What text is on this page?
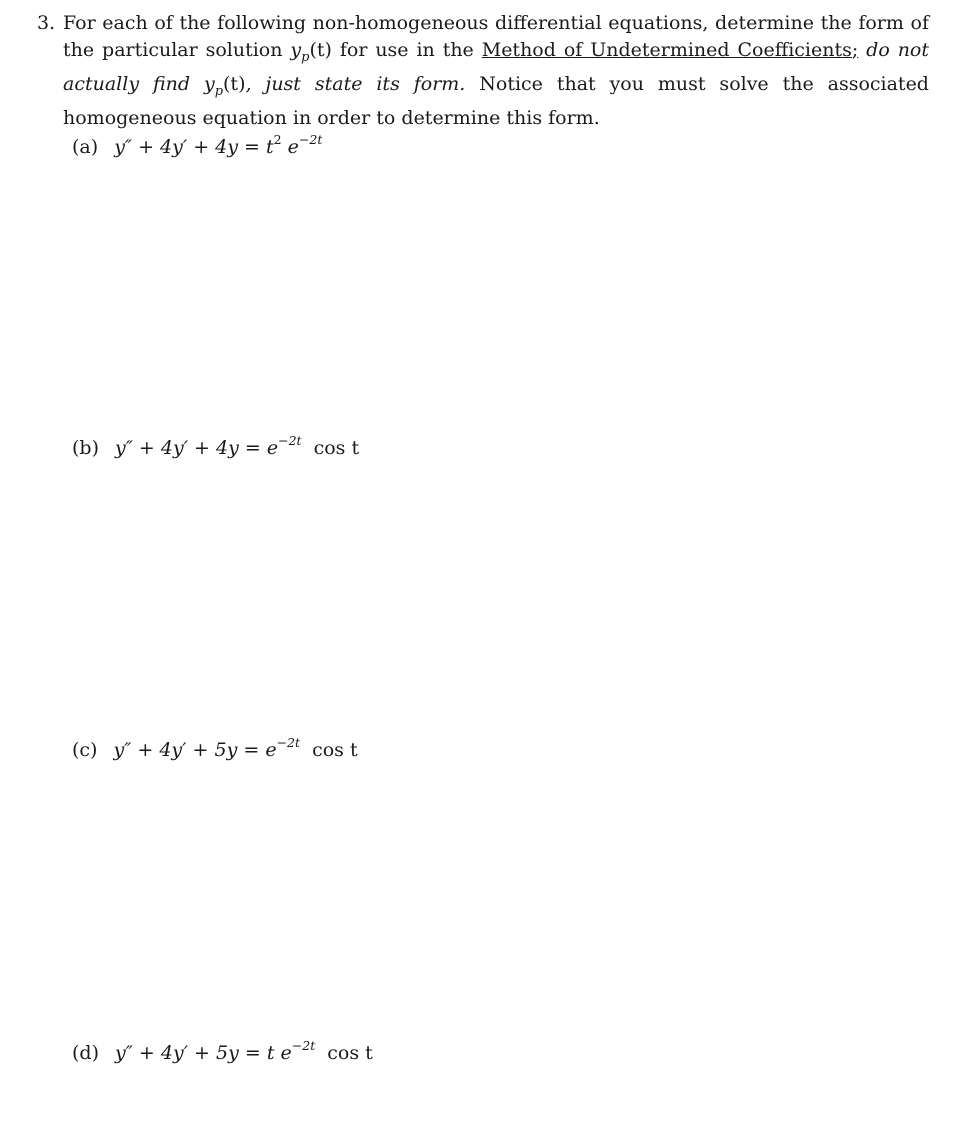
3. For each of the following non-homogeneous differential equations, determine the form of the particular solution $y_p(t)$ for use in the Method of Undetermined Coefficients; do not actually find $y_p(t)$, just state its form. Notice that you must solve the associated homogeneous equation in order to determine this form.
(a) $y'' + 4y' + 4y = t^2$ $e^{-2t}$
(b) $y'' + 4y' + 4y = e^{-2t}$ cos t
(c) $y'' + 4y' + 5y = e^{-2t}$ cos t
(d) y″ + 4y′ + 5y = t $e^{-2t}$ cos t
